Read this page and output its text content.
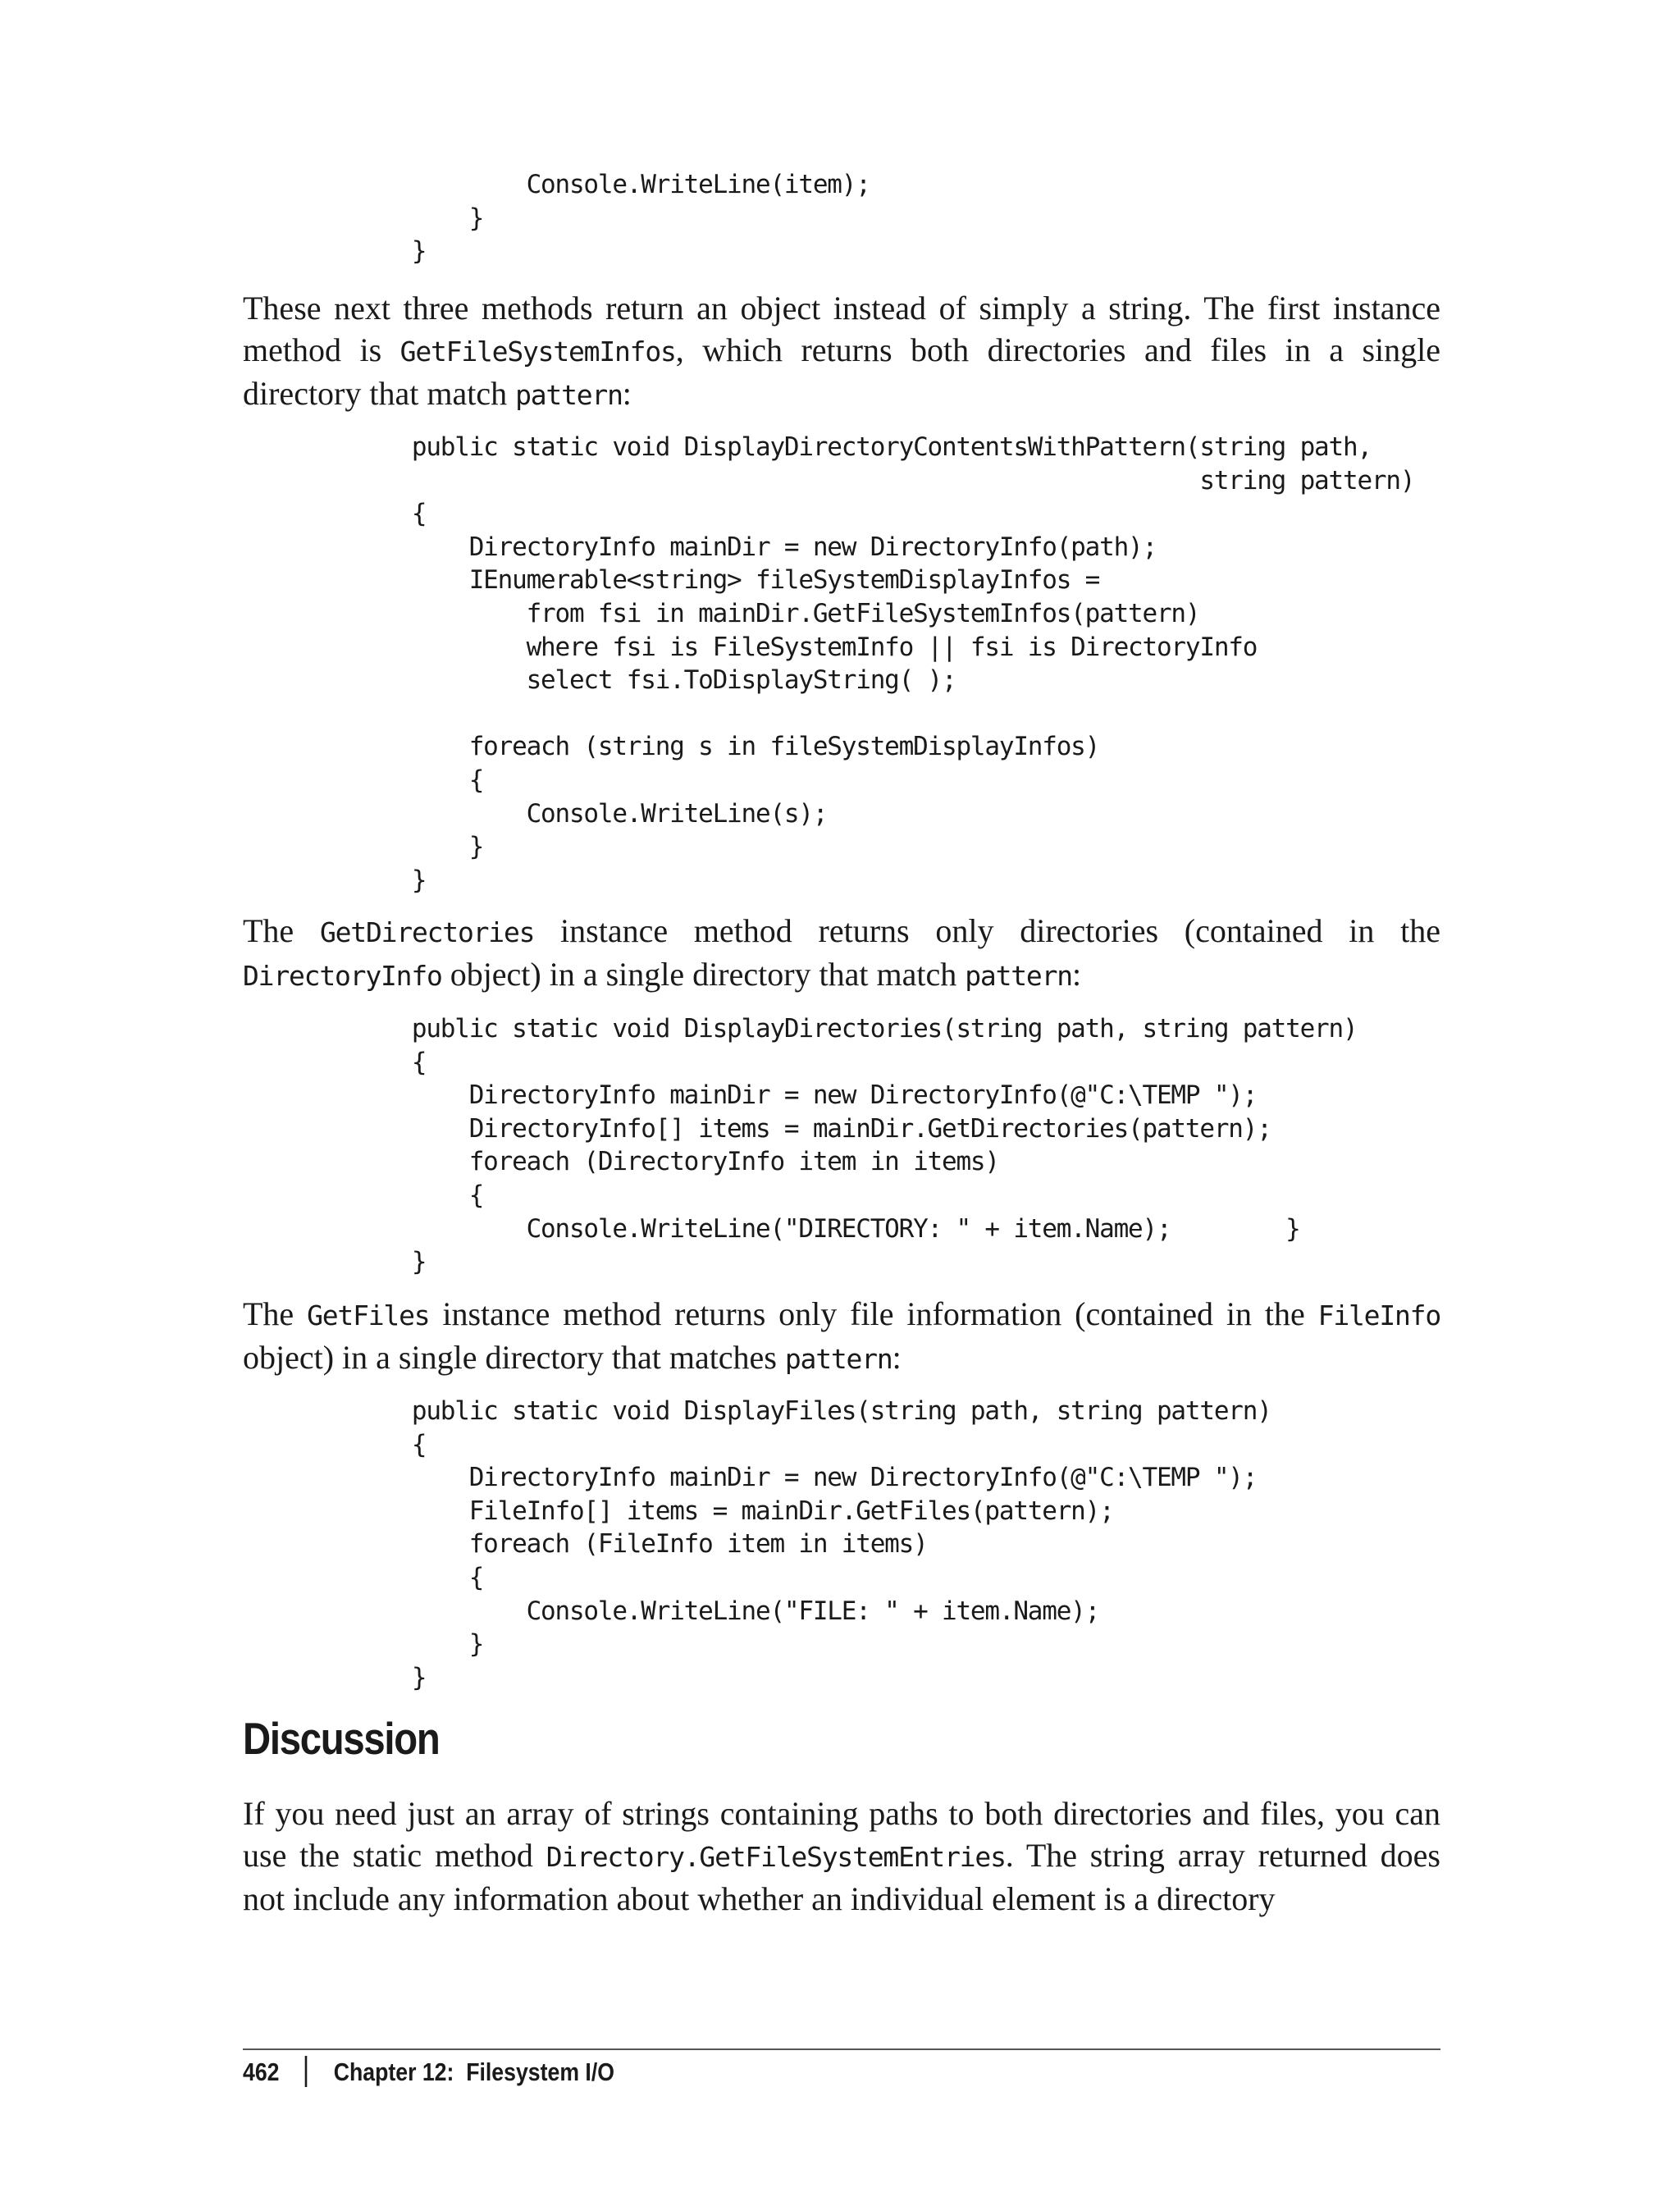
Console.WriteLine(item);
}
}

These next three methods return an object instead of simply a string. The first instance method is GetFileSystemInfos, which returns both directories and files in a single directory that match pattern:

public static void DisplayDirectoryContentsWithPattern(string path,
string pattern)
{
DirectoryInfo mainDir = new DirectoryInfo(path);
IEnumerable<string> fileSystemDisplayInfos =
from fsi in mainDir.GetFileSystemInfos(pattern)
where fsi is FileSystemInfo || fsi is DirectoryInfo
select fsi.ToDisplayString( );

foreach (string s in fileSystemDisplayInfos)
{
Console.WriteLine(s);
}
}

The GetDirectories instance method returns only directories (contained in the DirectoryInfo object) in a single directory that match pattern:

public static void DisplayDirectories(string path, string pattern)
{
DirectoryInfo mainDir = new DirectoryInfo(@"C:\TEMP ");
DirectoryInfo[] items = mainDir.GetDirectories(pattern);
foreach (DirectoryInfo item in items)
{
Console.WriteLine("DIRECTORY: " + item.Name);        }
}

The GetFiles instance method returns only file information (contained in the FileInfo object) in a single directory that matches pattern:

public static void DisplayFiles(string path, string pattern)
{
DirectoryInfo mainDir = new DirectoryInfo(@"C:\TEMP ");
FileInfo[] items = mainDir.GetFiles(pattern);
foreach (FileInfo item in items)
{
Console.WriteLine("FILE: " + item.Name);
}
}
Discussion

If you need just an array of strings containing paths to both directories and files, you can use the static method Directory.GetFileSystemEntries. The string array returned does not include any information about whether an individual element is a directory

462 Chapter 12: Filesystem I/O
